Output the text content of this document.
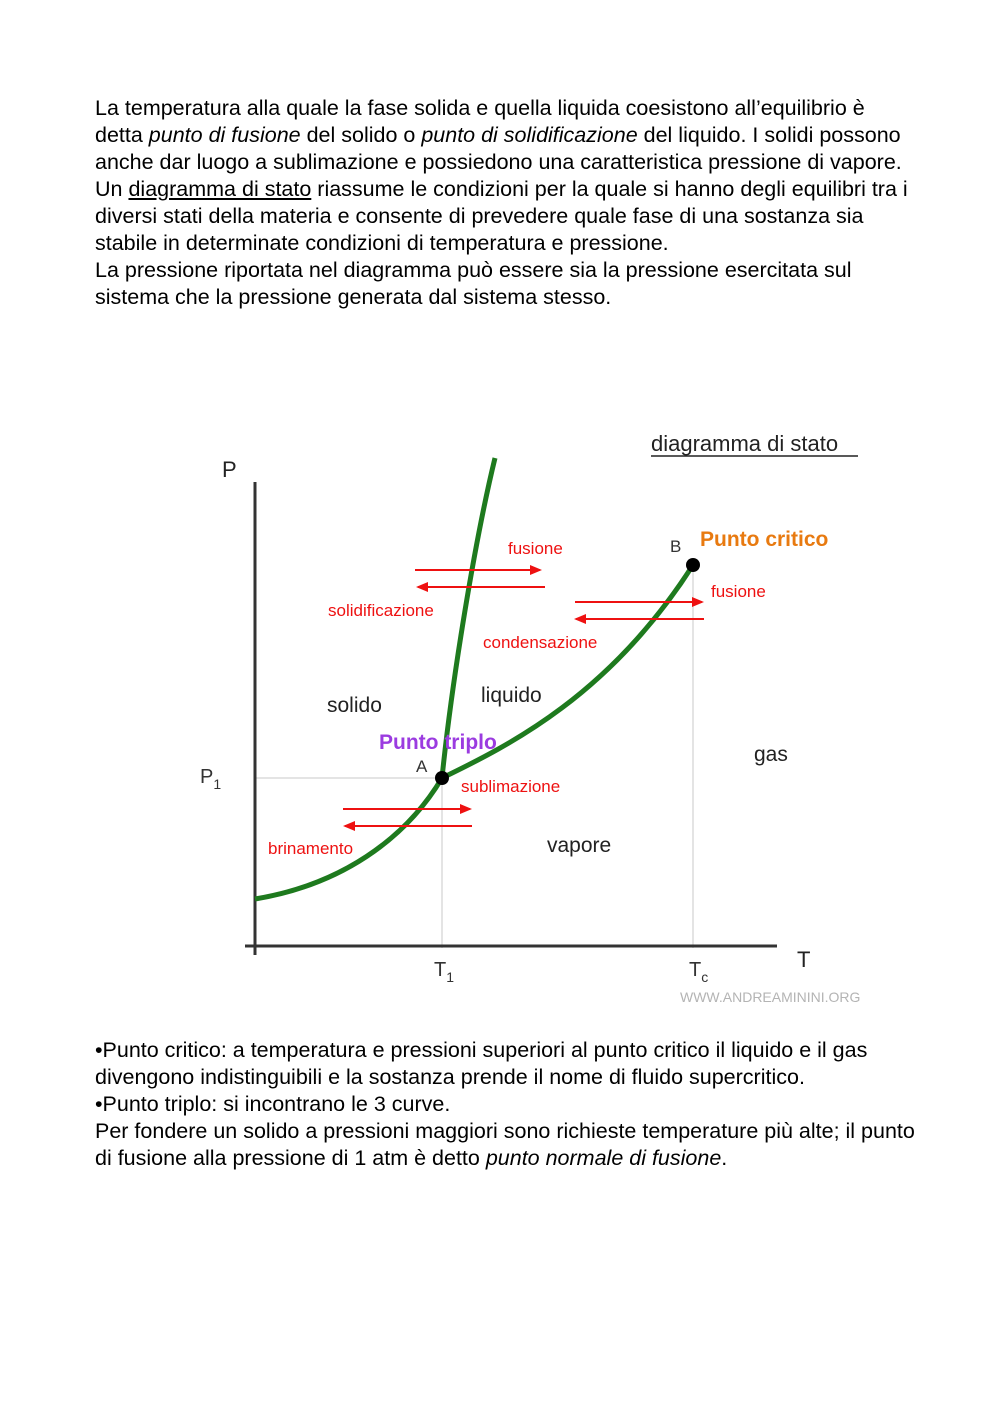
La temperatura alla quale la fase solida e quella liquida coesistono all’equilibrio è detta punto di fusione del solido o punto di solidificazione del liquido. I solidi possono anche dar luogo a sublimazione e possiedono una caratteristica pressione di vapore.

Un diagramma di stato riassume le condizioni per la quale si hanno degli equilibri tra i diversi stati della materia e consente di prevedere quale fase di una sostanza sia stabile in determinate condizioni di temperatura e pressione.

La pressione riportata nel diagramma può essere sia la pressione esercitata sul sistema che la pressione generata dal sistema stesso.

diagramma di stato
P
T
$P_1$
$T_1$	$T_c$
A
B Punto critico
Punto triplo
solido	liquido
gas
vapore
fusione
solidificazione
fusione
condensazione
sublimazione
brinamento
WWW.ANDREAMININI.ORG

•Punto critico: a temperatura e pressioni superiori al punto critico il liquido e il gas divengono indistinguibili e la sostanza prende il nome di fluido supercritico.

•Punto triplo: si incontrano le 3 curve.

Per fondere un solido a pressioni maggiori sono richieste temperature più alte; il punto di fusione alla pressione di 1 atm è detto punto normale di fusione.
